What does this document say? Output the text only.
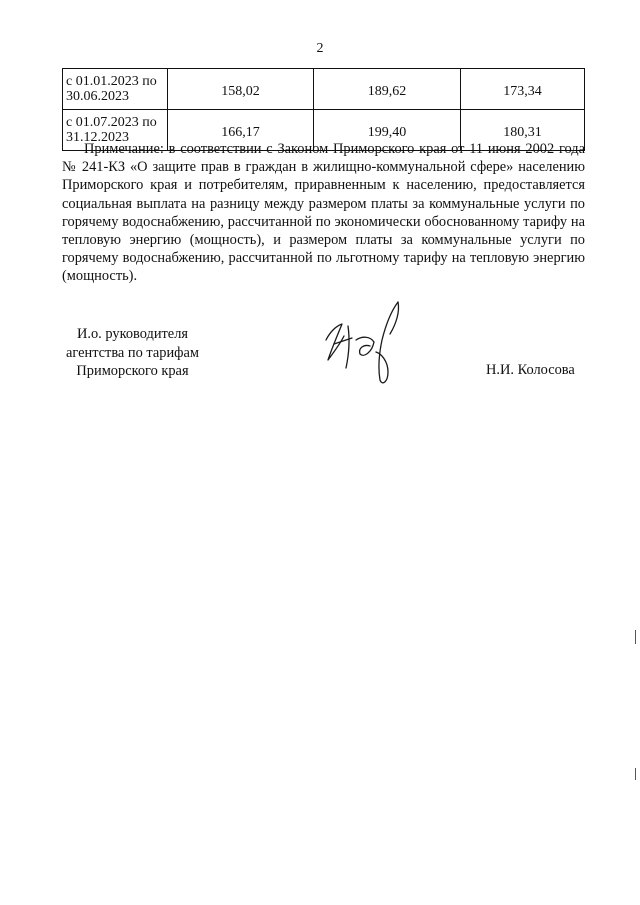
2
с 01.01.2023 по 30.06.2023	158,02	189,62	173,34
с 01.07.2023 по 31.12.2023	166,17	199,40	180,31

Примечание: в соответствии с Законом Приморского края от 11 июня 2002 года № 241-КЗ «О защите прав в граждан в жилищно-коммунальной сфере» населению Приморского края и потребителям, приравненным к населению, предоставляется социальная выплата на разницу между размером платы за коммунальные услуги по горячему водоснабжению, рассчитанной по экономически обоснованному тарифу на тепловую энергию (мощность), и размером платы за коммунальные услуги по горячему водоснабжению, рассчитанной по льготному тарифу на тепловую энергию (мощность).

И.о. руководителя
агентства по тарифам
Приморского края	Н.И. Колосова
